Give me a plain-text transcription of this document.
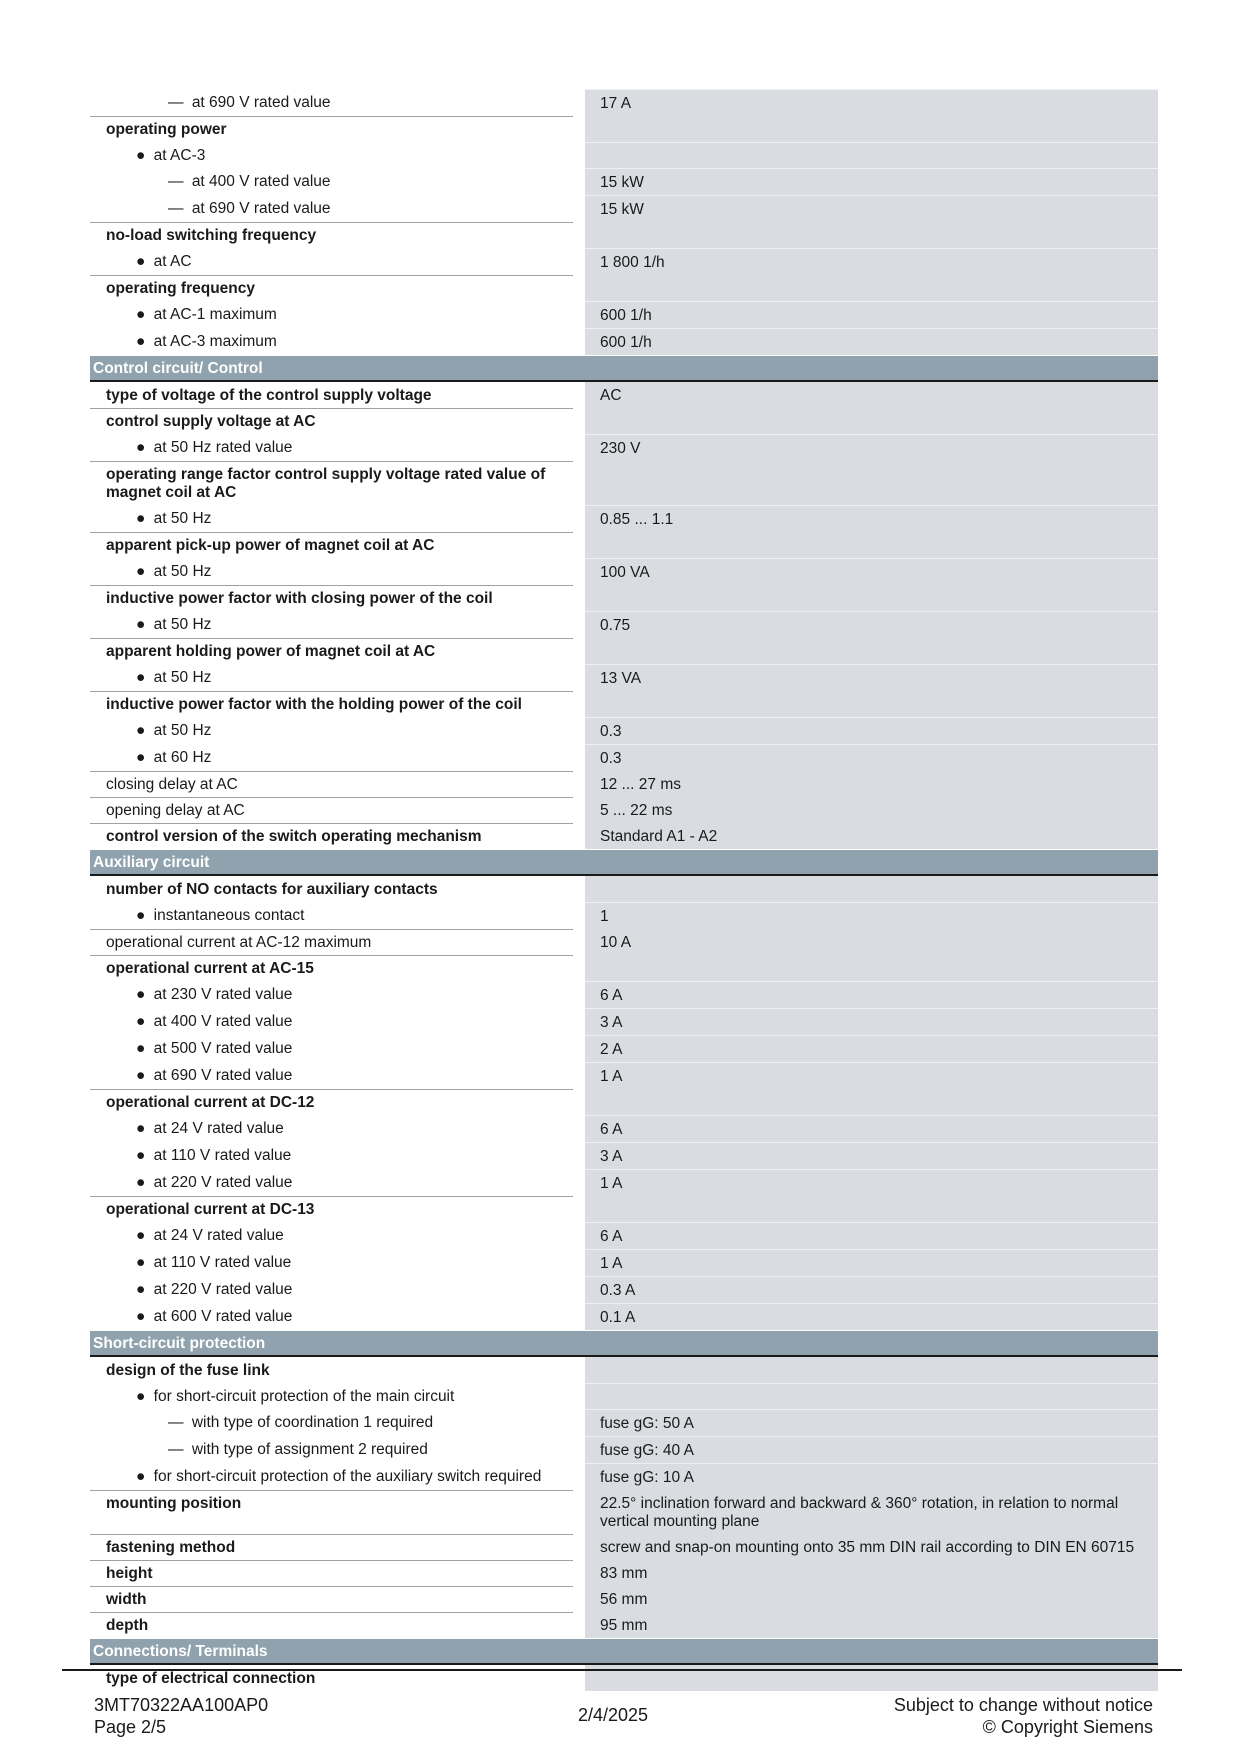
— at 690 V rated value	17 A
operating power
● at AC-3
— at 400 V rated value	15 kW
— at 690 V rated value	15 kW
no-load switching frequency
● at AC	1 800 1/h
operating frequency
● at AC-1 maximum	600 1/h
● at AC-3 maximum	600 1/h
Control circuit/ Control
type of voltage of the control supply voltage	AC
control supply voltage at AC
● at 50 Hz rated value	230 V
operating range factor control supply voltage rated value of magnet coil at AC
● at 50 Hz	0.85 ... 1.1
apparent pick-up power of magnet coil at AC
● at 50 Hz	100 VA
inductive power factor with closing power of the coil
● at 50 Hz	0.75
apparent holding power of magnet coil at AC
● at 50 Hz	13 VA
inductive power factor with the holding power of the coil
● at 50 Hz	0.3
● at 60 Hz	0.3
closing delay at AC	12 ... 27 ms
opening delay at AC	5 ... 22 ms
control version of the switch operating mechanism	Standard A1 - A2
Auxiliary circuit
number of NO contacts for auxiliary contacts
● instantaneous contact	1
operational current at AC-12 maximum	10 A
operational current at AC-15
● at 230 V rated value	6 A
● at 400 V rated value	3 A
● at 500 V rated value	2 A
● at 690 V rated value	1 A
operational current at DC-12
● at 24 V rated value	6 A
● at 110 V rated value	3 A
● at 220 V rated value	1 A
operational current at DC-13
● at 24 V rated value	6 A
● at 110 V rated value	1 A
● at 220 V rated value	0.3 A
● at 600 V rated value	0.1 A
Short-circuit protection
design of the fuse link
● for short-circuit protection of the main circuit
— with type of coordination 1 required	fuse gG: 50 A
— with type of assignment 2 required	fuse gG: 40 A
● for short-circuit protection of the auxiliary switch required	fuse gG: 10 A
mounting position	22.5° inclination forward and backward & 360° rotation, in relation to normal vertical mounting plane
fastening method	screw and snap-on mounting onto 35 mm DIN rail according to DIN EN 60715
height	83 mm
width	56 mm
depth	95 mm
Connections/ Terminals
type of electrical connection
3MT70322AA100AP0
Page 2/5
2/4/2025	Subject to change without notice
© Copyright Siemens
